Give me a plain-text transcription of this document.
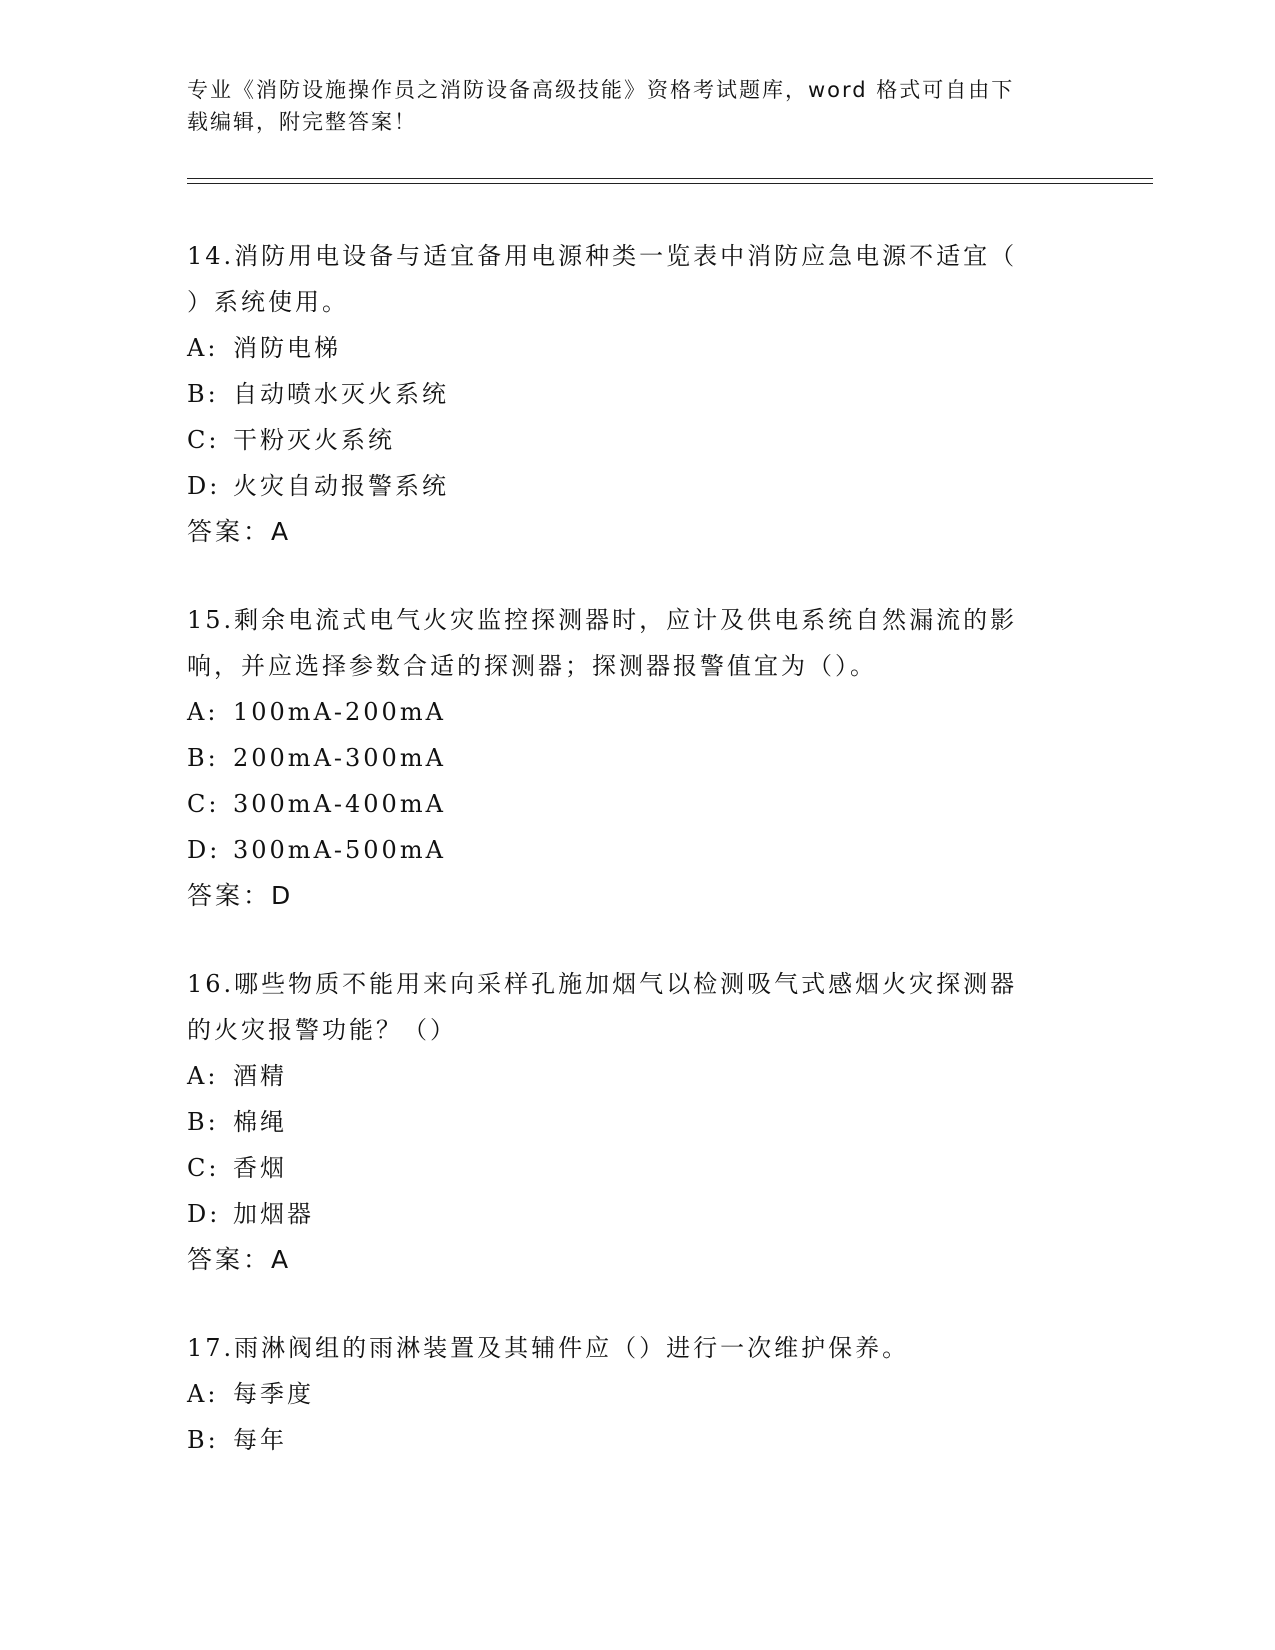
专业《消防设施操作员之消防设备高级技能》资格考试题库，word 格式可自由下
载编辑，附完整答案！

14.消防用电设备与适宜备用电源种类一览表中消防应急电源不适宜（

）系统使用。

A: 消防电梯

B: 自动喷水灭火系统

C: 干粉灭火系统

D: 火灾自动报警系统

答案：A

15.剩余电流式电气火灾监控探测器时，应计及供电系统自然漏流的影

响，并应选择参数合适的探测器；探测器报警值宜为（）。

A: 100mA-200mA

B: 200mA-300mA

C: 300mA-400mA

D: 300mA-500mA

答案：D

16.哪些物质不能用来向采样孔施加烟气以检测吸气式感烟火灾探测器

的火灾报警功能？（）

A: 酒精

B: 棉绳

C: 香烟

D: 加烟器

答案：A

17.雨淋阀组的雨淋装置及其辅件应（）进行一次维护保养。

A: 每季度

B: 每年
